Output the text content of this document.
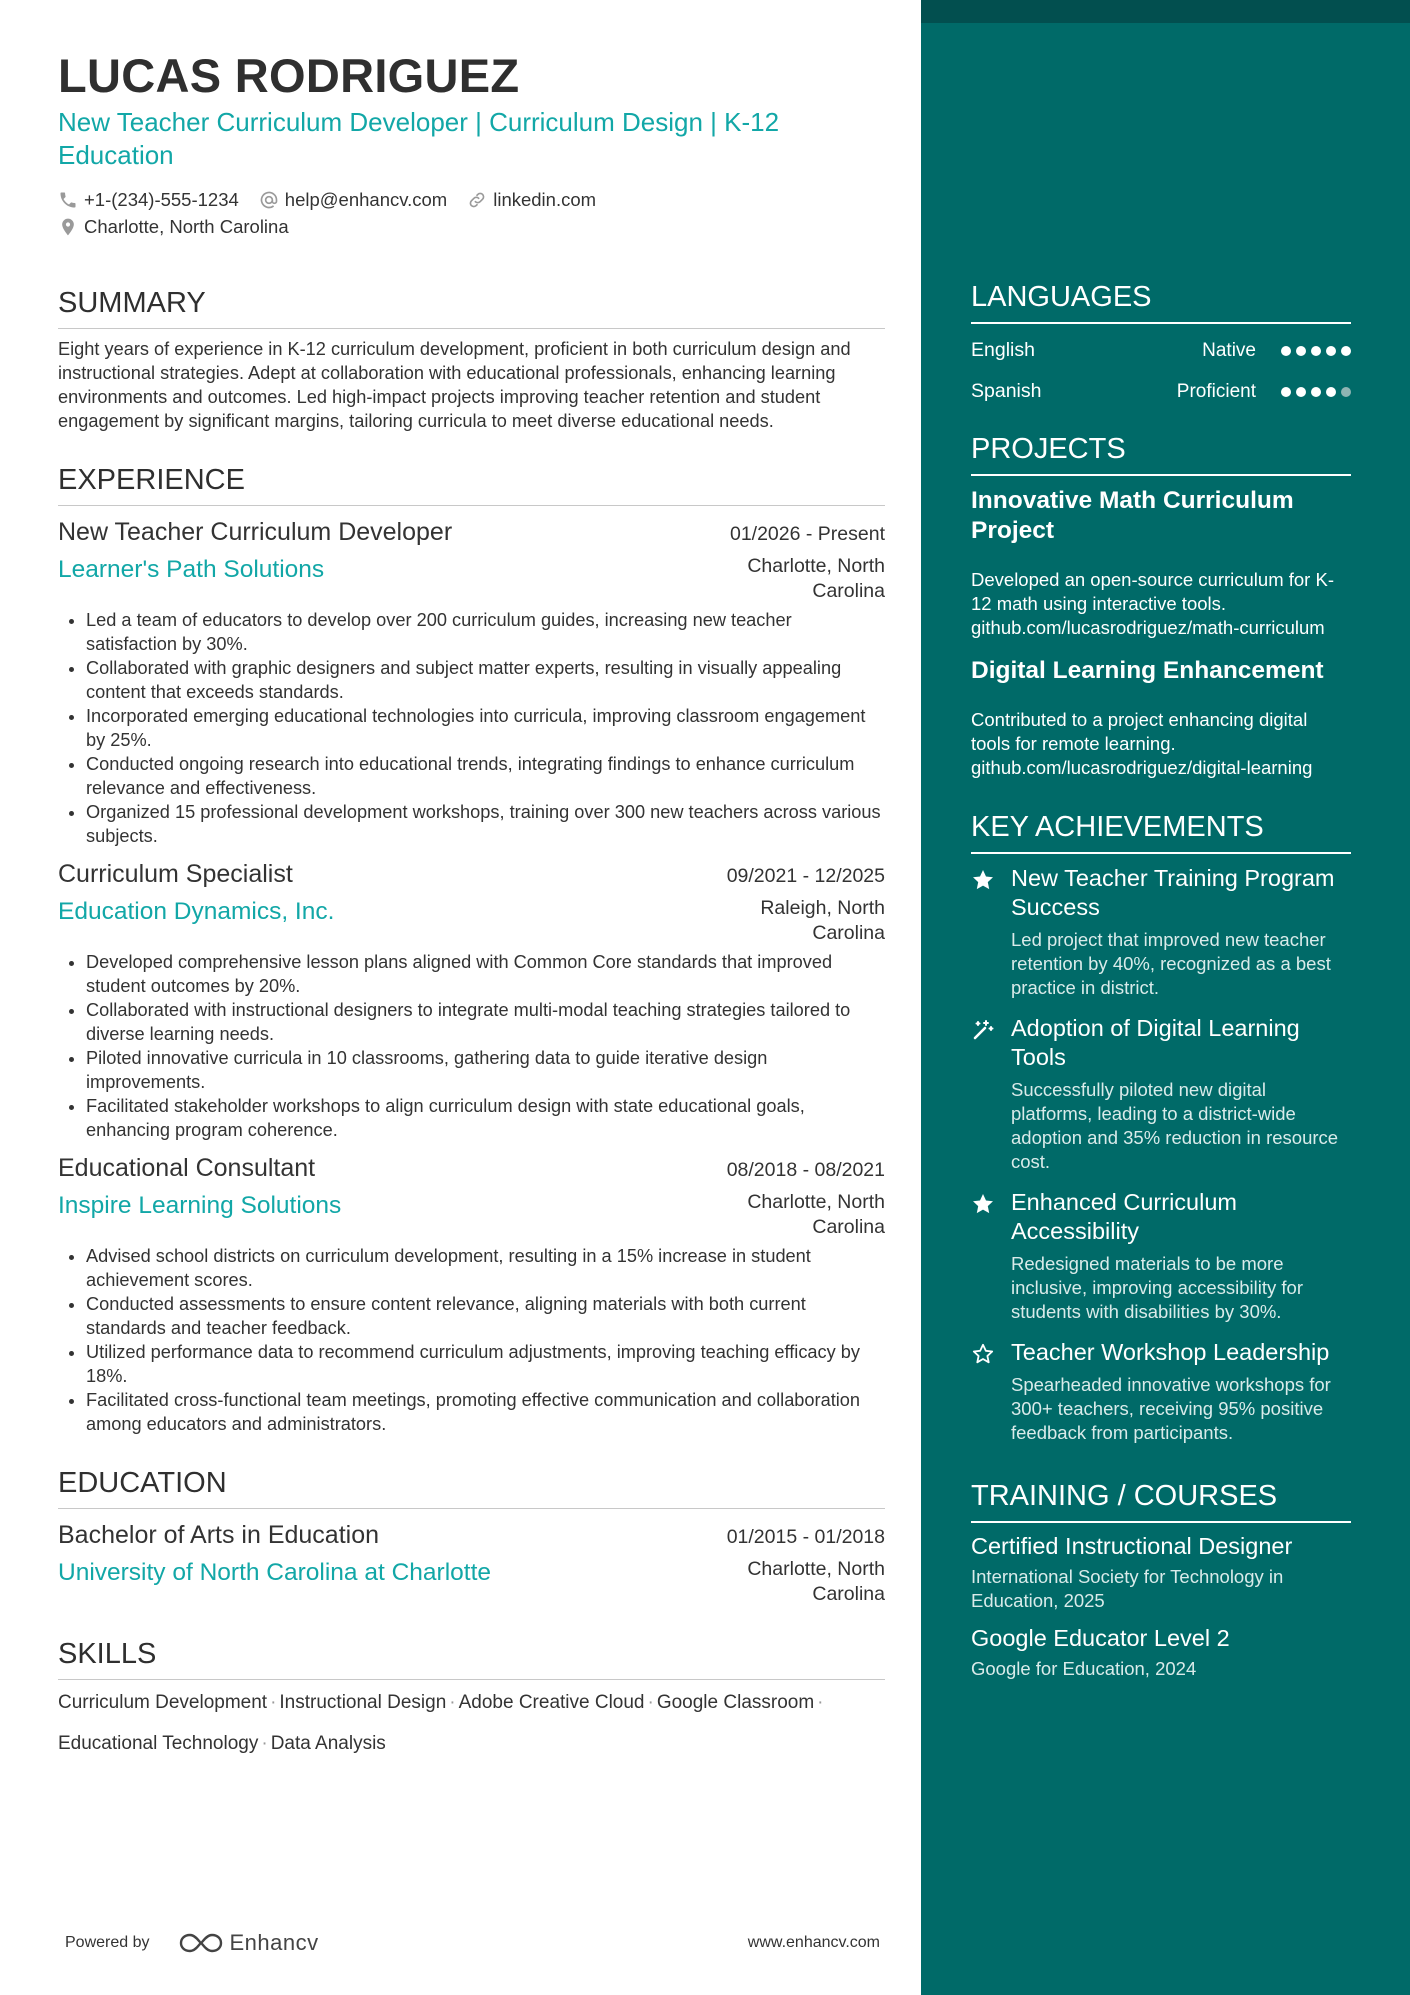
LUCAS RODRIGUEZ
New Teacher Curriculum Developer | Curriculum Design | K-12 Education
+1-(234)-555-1234 help@enhancv.com linkedin.com
Charlotte, North Carolina
SUMMARY
Eight years of experience in K-12 curriculum development, proficient in both curriculum design and instructional strategies. Adept at collaboration with educational professionals, enhancing learning environments and outcomes. Led high-impact projects improving teacher retention and student engagement by significant margins, tailoring curricula to meet diverse educational needs.
EXPERIENCE
New Teacher Curriculum Developer	01/2026 - Present
Learner's Path Solutions	Charlotte, North Carolina
• Led a team of educators to develop over 200 curriculum guides, increasing new teacher satisfaction by 30%.
• Collaborated with graphic designers and subject matter experts, resulting in visually appealing content that exceeds standards.
• Incorporated emerging educational technologies into curricula, improving classroom engagement by 25%.
• Conducted ongoing research into educational trends, integrating findings to enhance curriculum relevance and effectiveness.
• Organized 15 professional development workshops, training over 300 new teachers across various subjects.
Curriculum Specialist	09/2021 - 12/2025
Education Dynamics, Inc.	Raleigh, North Carolina
• Developed comprehensive lesson plans aligned with Common Core standards that improved student outcomes by 20%.
• Collaborated with instructional designers to integrate multi-modal teaching strategies tailored to diverse learning needs.
• Piloted innovative curricula in 10 classrooms, gathering data to guide iterative design improvements.
• Facilitated stakeholder workshops to align curriculum design with state educational goals, enhancing program coherence.
Educational Consultant	08/2018 - 08/2021
Inspire Learning Solutions	Charlotte, North Carolina
• Advised school districts on curriculum development, resulting in a 15% increase in student achievement scores.
• Conducted assessments to ensure content relevance, aligning materials with both current standards and teacher feedback.
• Utilized performance data to recommend curriculum adjustments, improving teaching efficacy by 18%.
• Facilitated cross-functional team meetings, promoting effective communication and collaboration among educators and administrators.
EDUCATION
Bachelor of Arts in Education	01/2015 - 01/2018
University of North Carolina at Charlotte	Charlotte, North Carolina
SKILLS
Curriculum Development · Instructional Design · Adobe Creative Cloud · Google Classroom ·
Educational Technology · Data Analysis
Powered by	Enhancv	www.enhancv.com
LANGUAGES
English	Native
Spanish	Proficient
PROJECTS
Innovative Math Curriculum Project
Developed an open-source curriculum for K-12 math using interactive tools.
github.com/lucasrodriguez/math-curriculum
Digital Learning Enhancement
Contributed to a project enhancing digital tools for remote learning.
github.com/lucasrodriguez/digital-learning
KEY ACHIEVEMENTS
New Teacher Training Program Success
Led project that improved new teacher retention by 40%, recognized as a best practice in district.
Adoption of Digital Learning Tools
Successfully piloted new digital platforms, leading to a district-wide adoption and 35% reduction in resource cost.
Enhanced Curriculum Accessibility
Redesigned materials to be more inclusive, improving accessibility for students with disabilities by 30%.
Teacher Workshop Leadership
Spearheaded innovative workshops for 300+ teachers, receiving 95% positive feedback from participants.
TRAINING / COURSES
Certified Instructional Designer
International Society for Technology in Education, 2025
Google Educator Level 2
Google for Education, 2024
